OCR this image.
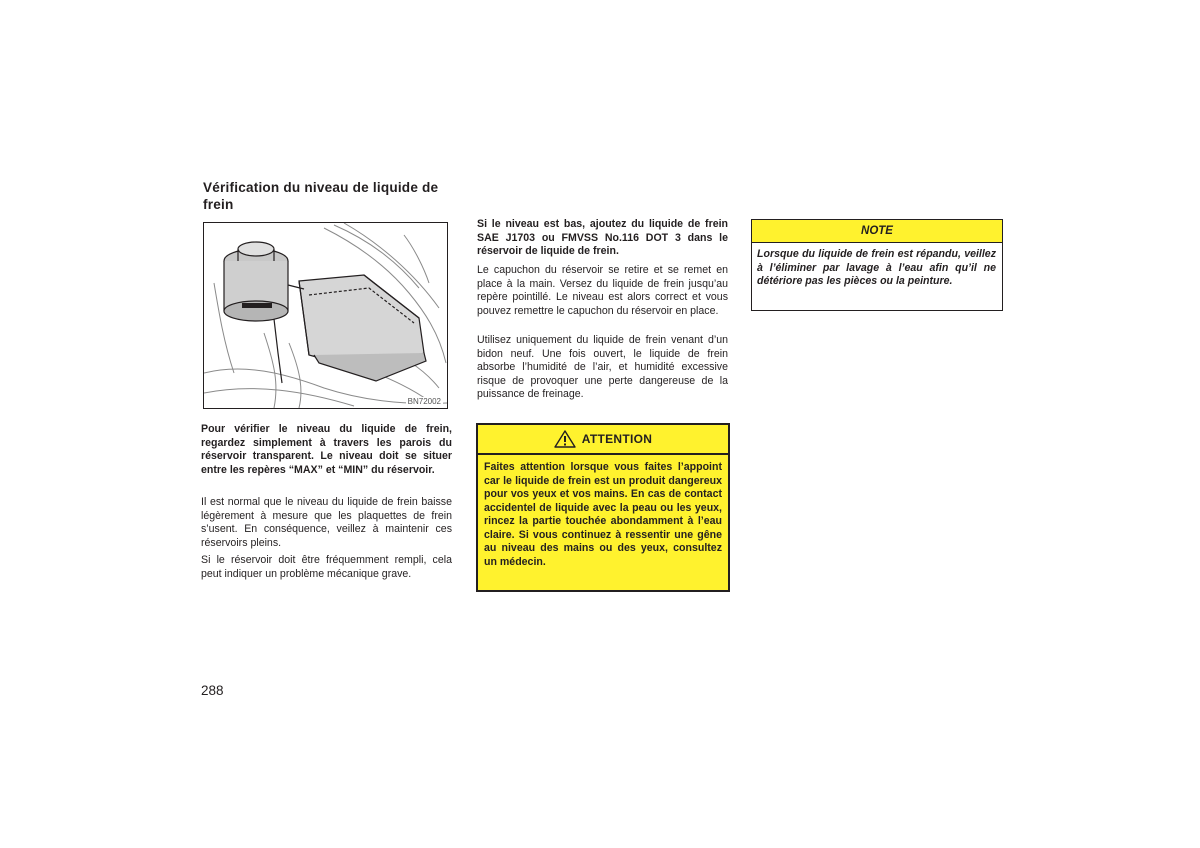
Vérification du niveau de liquide de frein
BN72002

Pour vérifier le niveau du liquide de frein, regardez simplement à travers les parois du réservoir transparent. Le niveau doit se situer entre les repères “MAX” et “MIN” du réservoir.

Il est normal que le niveau du liquide de frein baisse légèrement à mesure que les plaquettes de frein s’usent. En conséquence, veillez à maintenir ces réservoirs pleins.

Si le réservoir doit être fréquemment rempli, cela peut indiquer un problème mécanique grave.

Si le niveau est bas, ajoutez du liquide de frein SAE J1703 ou FMVSS No.116 DOT 3 dans le réservoir de liquide de frein.

Le capuchon du réservoir se retire et se remet en place à la main. Versez du liquide de frein jusqu’au repère pointillé. Le niveau est alors correct et vous pouvez remettre le capuchon du réservoir en place.

Utilisez uniquement du liquide de frein venant d’un bidon neuf. Une fois ouvert, le liquide de frein absorbe l’humidité de l’air, et humidité excessive risque de provoquer une perte dangereuse de la puissance de freinage.

ATTENTION
Faites attention lorsque vous faites l’appoint car le liquide de frein est un produit dangereux pour vos yeux et vos mains. En cas de contact accidentel de liquide avec la peau ou les yeux, rincez la partie touchée abondamment à l’eau claire. Si vous continuez à ressentir une gêne au niveau des mains ou des yeux, consultez un médecin.
NOTE
Lorsque du liquide de frein est répandu, veillez à l’éliminer par lavage à l’eau afin qu’il ne détériore pas les pièces ou la peinture.
288
